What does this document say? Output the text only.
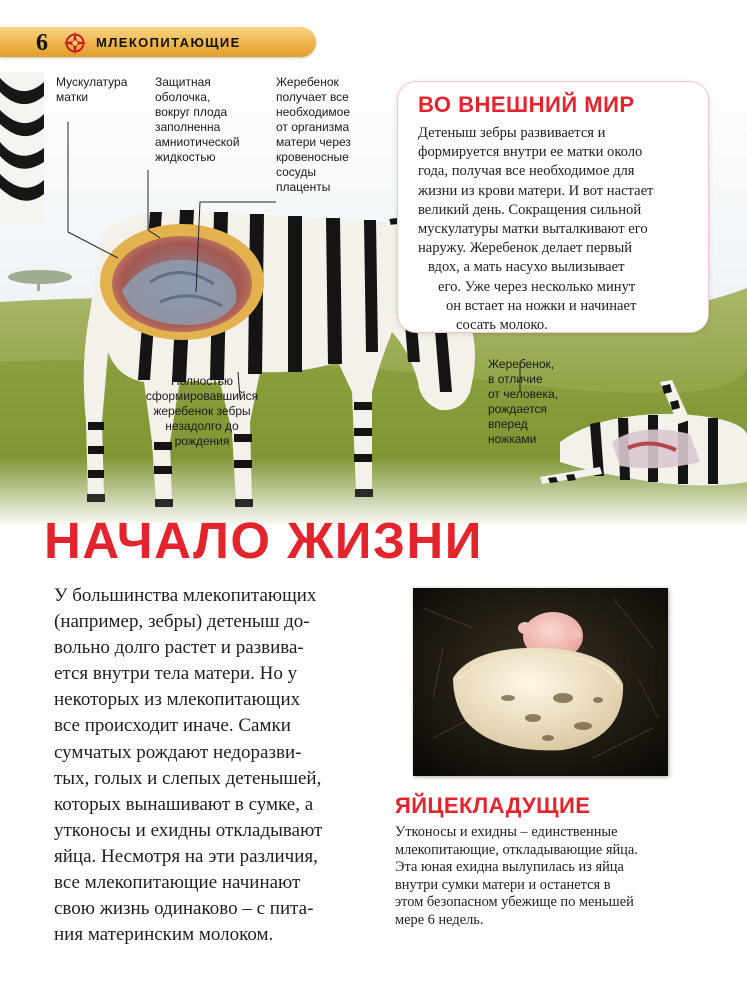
6	МЛЕКОПИТАЮЩИЕ
Мускулатура
матки
Защитная
оболочка,
вокруг плода
заполненна
амниотической
жидкостью
Жеребенок
получает все
необходимое
от организма
матери через
кровеносные
сосуды
плаценты
Полностью
сформировавшийся
жеребенок зебры
незадолго до
рождения
Жеребенок,
в отличие
от человека,
рождается
вперед
ножками
ВО ВНЕШНИЙ МИР
Детеныш зебры развивается и
формируется внутри ее матки около
года, получая все необходимое для
жизни из крови матери. И вот настает
великий день. Сокращения сильной
мускулатуры матки выталкивают его
наружу. Жеребенок делает первый
вдох, а мать насухо вылизывает
его. Уже через несколько минут
он встает на ножки и начинает
сосать молоко.
НАЧАЛО ЖИЗНИ
У большинства млекопитающих
(например, зебры) детеныш до-
вольно долго растет и развива-
ется внутри тела матери. Но у
некоторых из млекопитающих
все происходит иначе. Самки
сумчатых рождают недоразви-
тых, голых и слепых детенышей,
которых вынашивают в сумке, а
утконосы и ехидны откладывают
яйца. Несмотря на эти различия,
все млекопитающие начинают
свою жизнь одинаково – с пита-
ния материнским молоком.
ЯЙЦЕКЛАДУЩИЕ
Утконосы и ехидны – единственные
млекопитающие, откладывающие яйца.
Эта юная ехидна вылупилась из яйца
внутри сумки матери и останется в
этом безопасном убежище по меньшей
мере 6 недель.
